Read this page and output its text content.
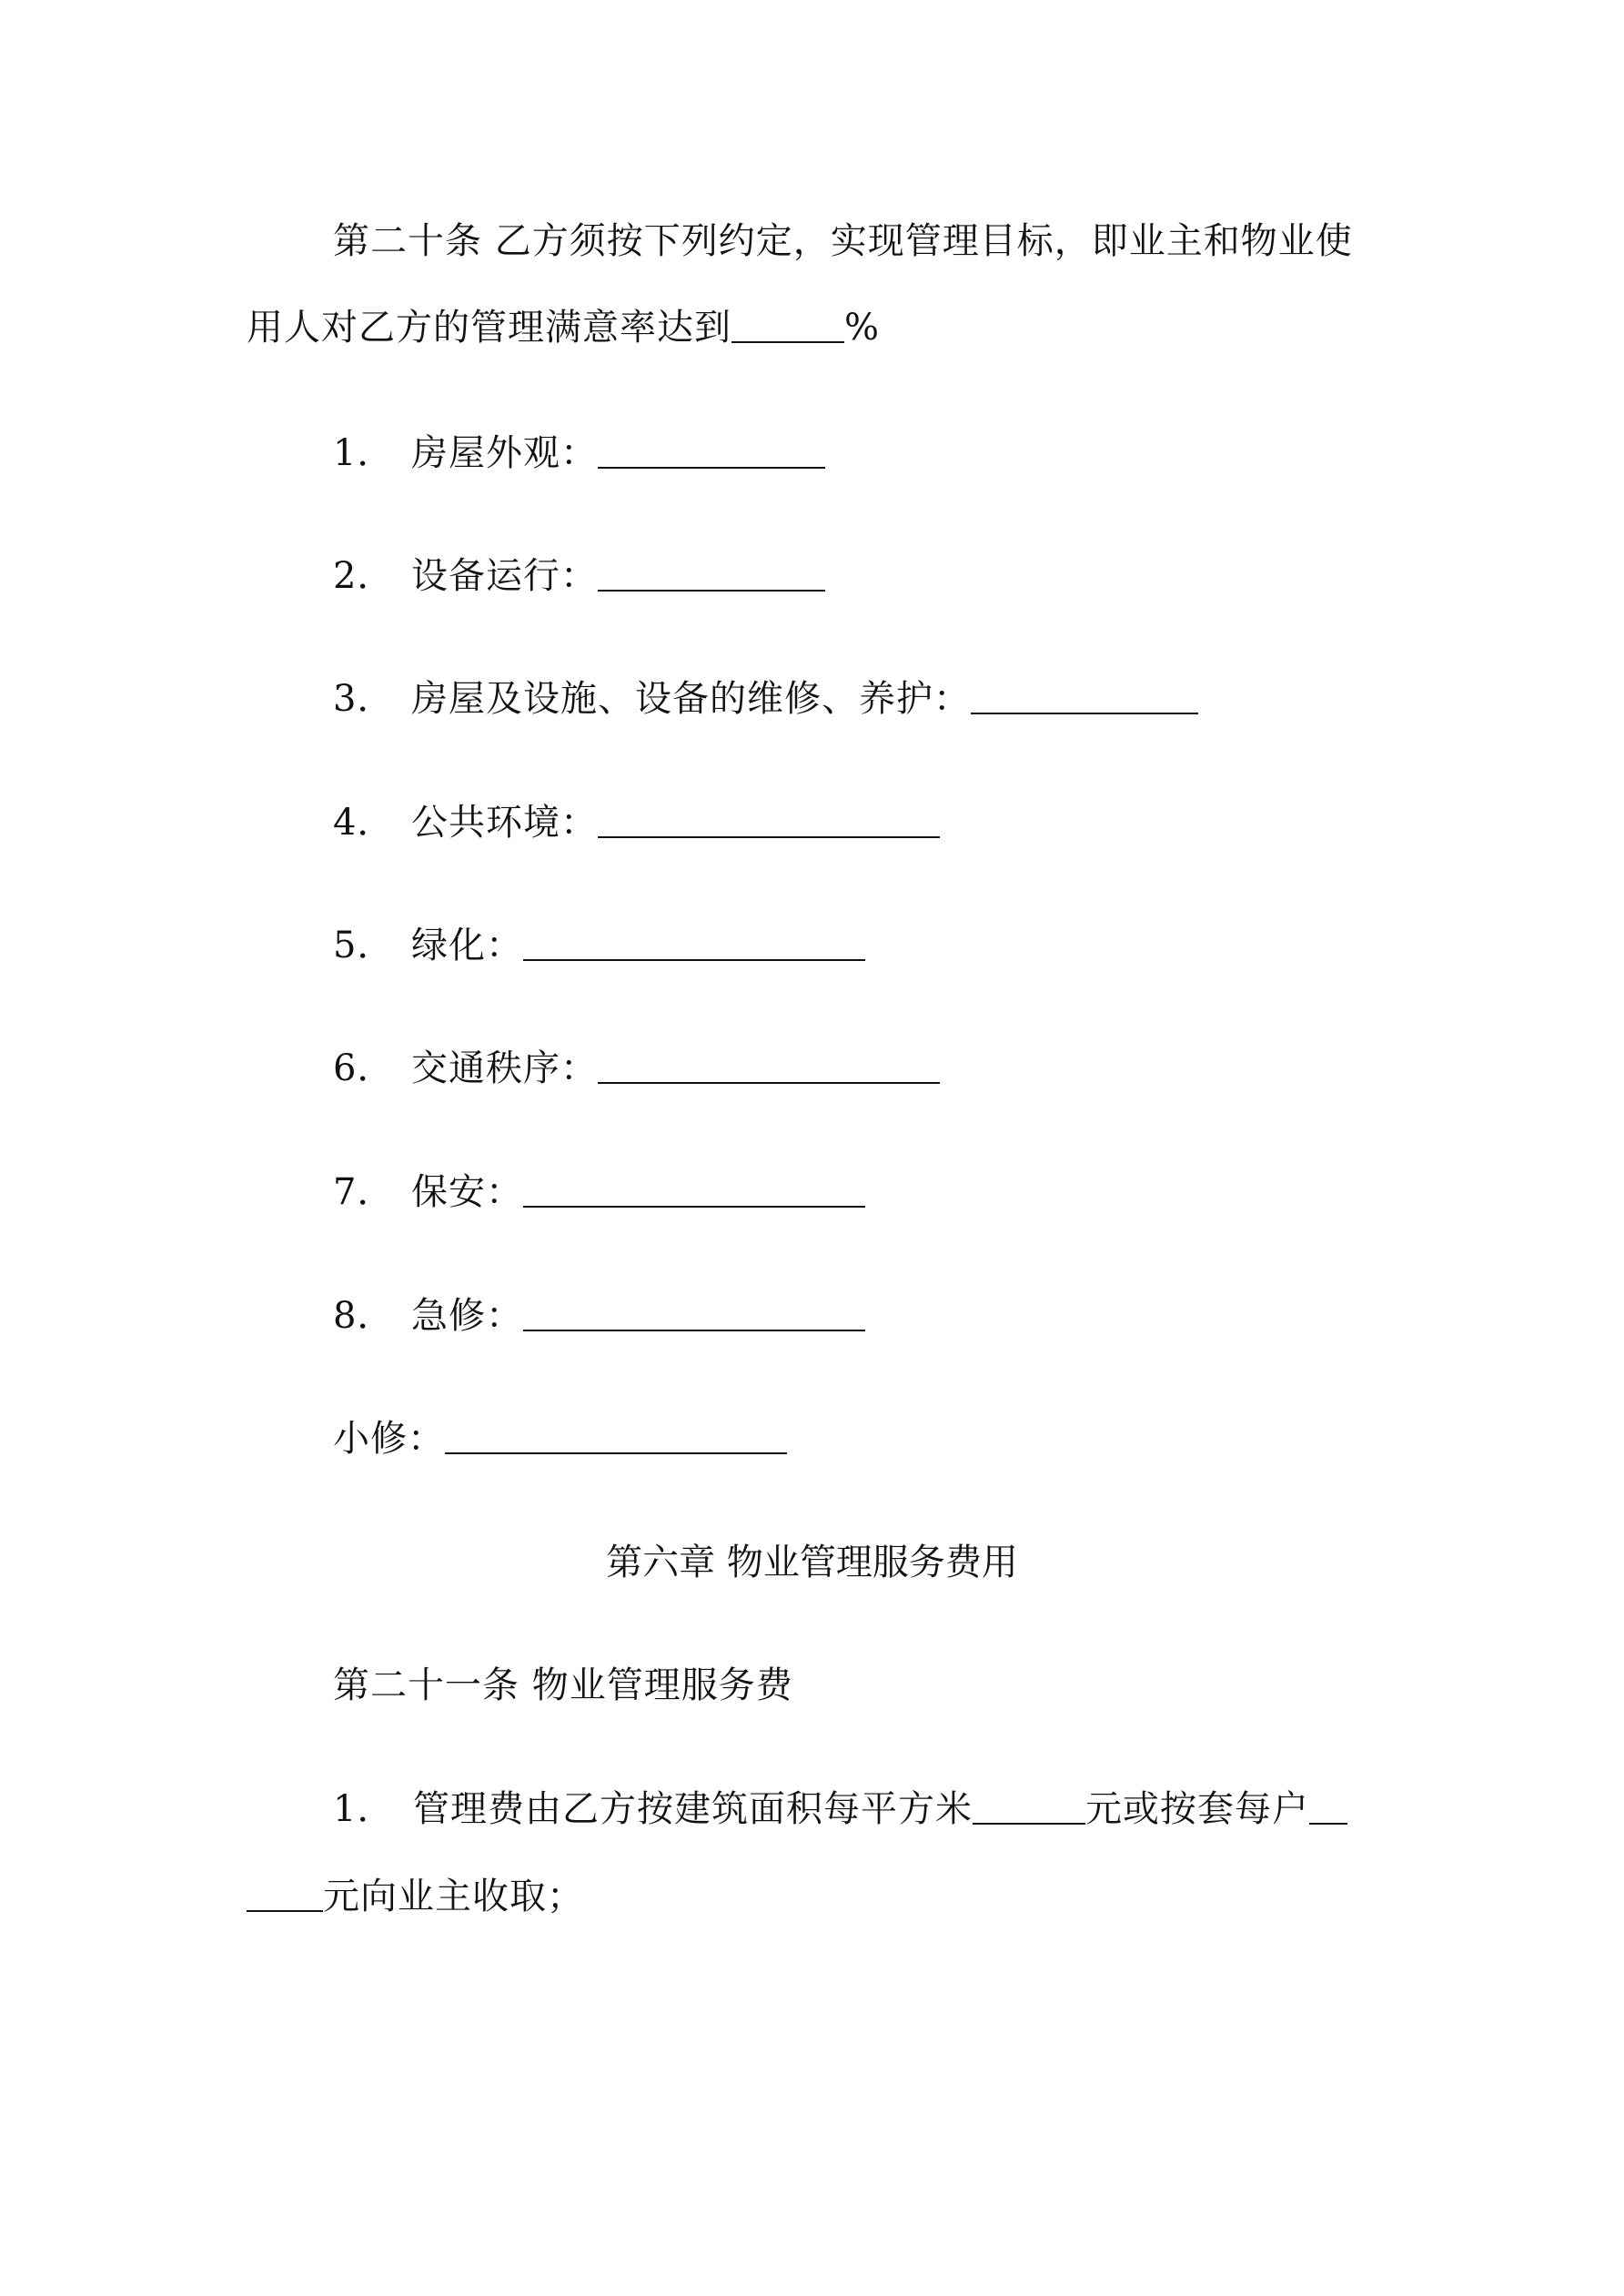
第二十条 乙方须按下列约定，实现管理目标，即业主和物业使
用人对乙方的管理满意率达到	%
1． 房屋外观：
2． 设备运行：
3． 房屋及设施、设备的维修、养护：
4． 公共环境：
5． 绿化：
6． 交通秩序：
7． 保安：
8． 急修：
小修：
第六章 物业管理服务费用
第二十一条 物业管理服务费
1． 管理费由乙方按建筑面积每平方米	元或按套每户
元向业主收取；
